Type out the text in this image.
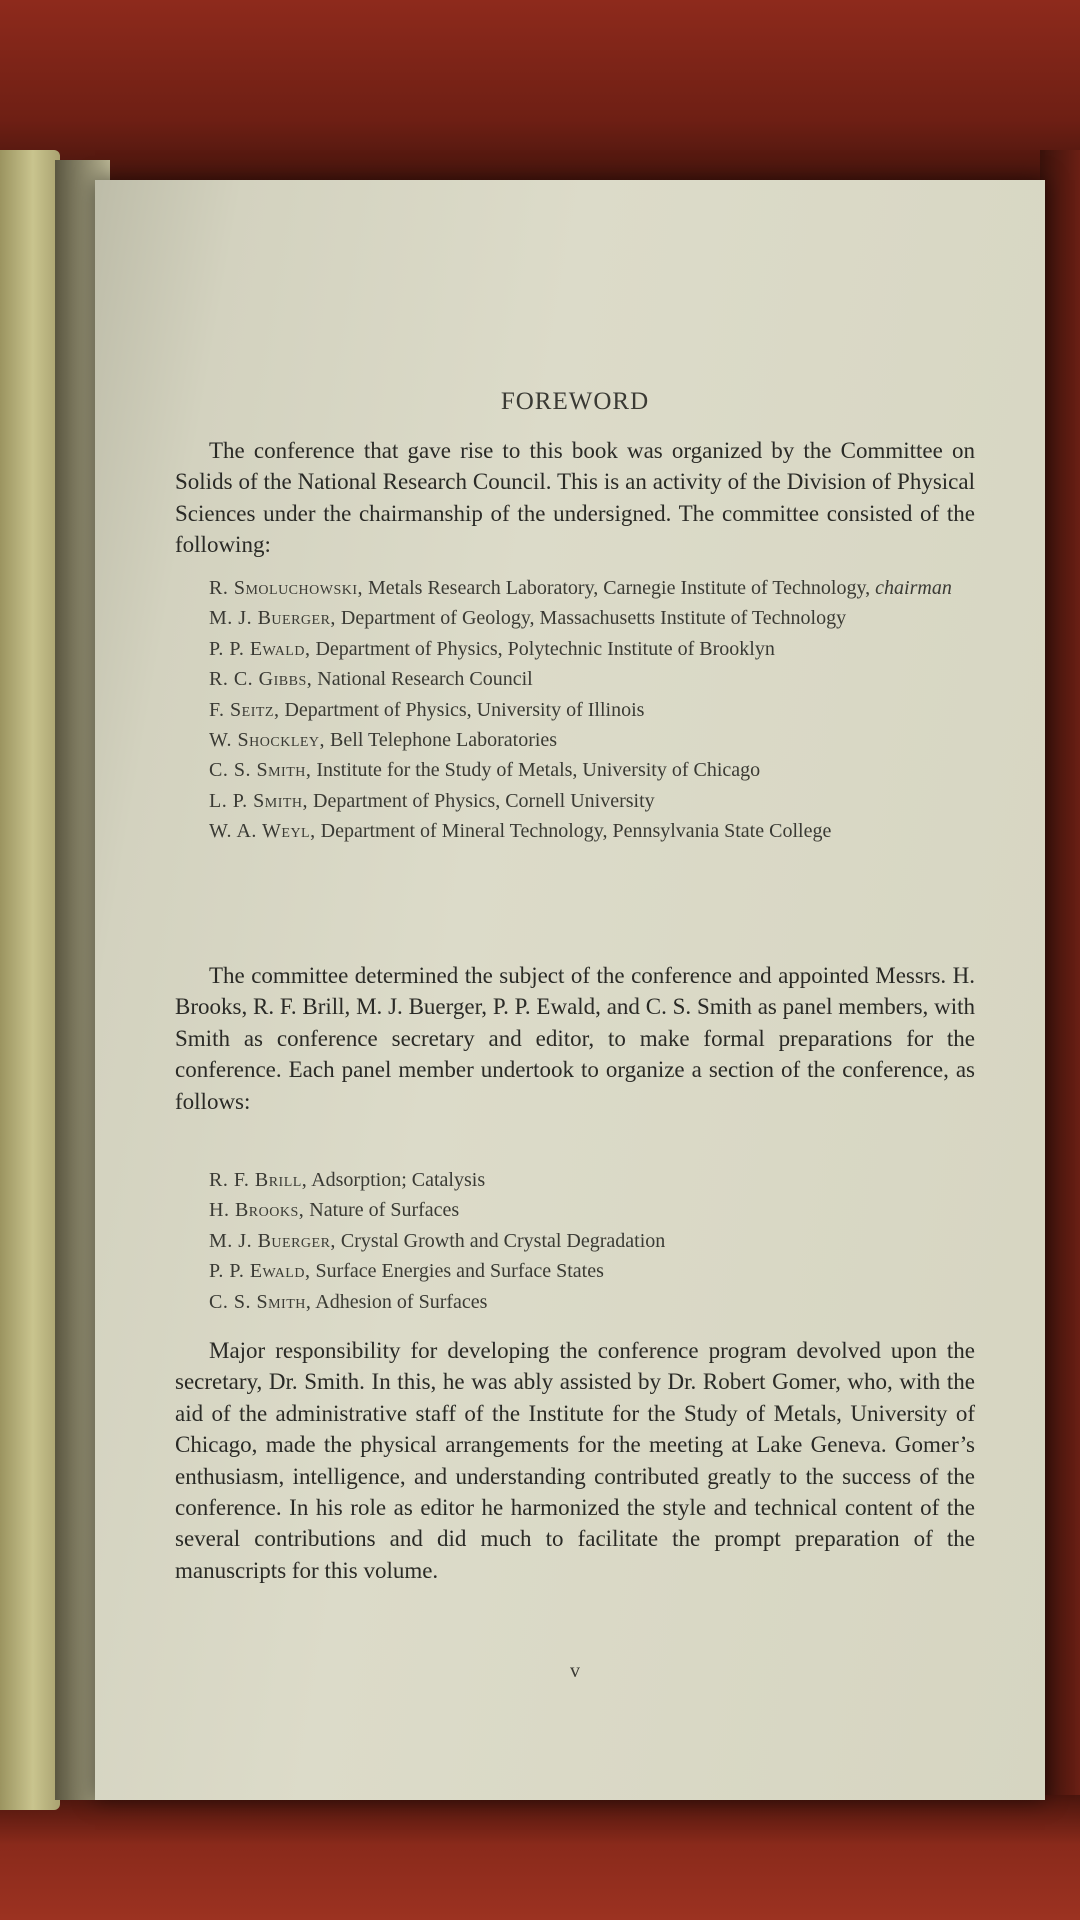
FOREWORD

The conference that gave rise to this book was organized by the Committee on Solids of the National Research Council. This is an activity of the Division of Physical Sciences under the chairmanship of the undersigned. The committee consisted of the following:

R. Smoluchowski, Metals Research Laboratory, Carnegie Institute of Technology, chairman
M. J. Buerger, Department of Geology, Massachusetts Institute of Technology
P. P. Ewald, Department of Physics, Polytechnic Institute of Brooklyn
R. C. Gibbs, National Research Council
F. Seitz, Department of Physics, University of Illinois
W. Shockley, Bell Telephone Laboratories
C. S. Smith, Institute for the Study of Metals, University of Chicago
L. P. Smith, Department of Physics, Cornell University
W. A. Weyl, Department of Mineral Technology, Pennsylvania State College

The committee determined the subject of the conference and appointed Messrs. H. Brooks, R. F. Brill, M. J. Buerger, P. P. Ewald, and C. S. Smith as panel members, with Smith as conference secretary and editor, to make formal preparations for the conference. Each panel member undertook to organize a section of the conference, as follows:

R. F. Brill, Adsorption; Catalysis
H. Brooks, Nature of Surfaces
M. J. Buerger, Crystal Growth and Crystal Degradation
P. P. Ewald, Surface Energies and Surface States
C. S. Smith, Adhesion of Surfaces

Major responsibility for developing the conference program devolved upon the secretary, Dr. Smith. In this, he was ably assisted by Dr. Robert Gomer, who, with the aid of the administrative staff of the Institute for the Study of Metals, University of Chicago, made the physical arrangements for the meeting at Lake Geneva. Gomer’s enthusiasm, intelligence, and understanding contributed greatly to the success of the conference. In his role as editor he harmonized the style and technical content of the several contributions and did much to facilitate the prompt preparation of the manuscripts for this volume.

v
